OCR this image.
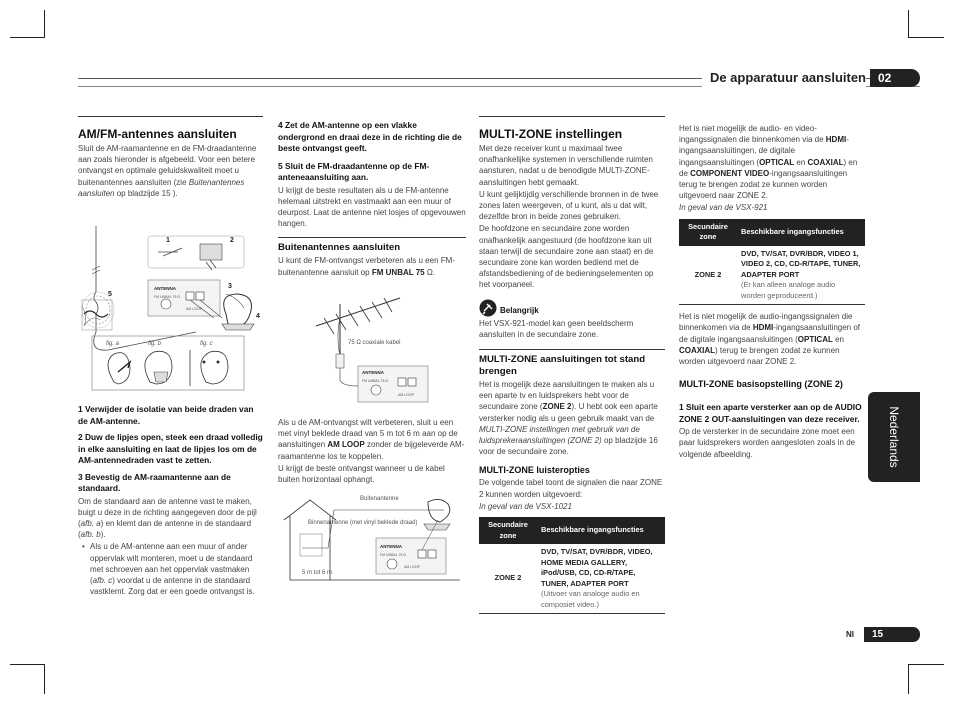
De apparatuur aansluiten	02
Nederlands
Nl	15
AM/FM-antennes aansluiten
Sluit de AM-raamantenne en de FM-draadantenne aan zoals hieronder is afgebeeld. Voor een betere ontvangst en optimale geluidskwaliteit moet u buitenantennes aansluiten (zie Buitenantennes aansluiten op bladzijde 15 ).
5
1	2
ANTENNA
FM UNBAL 75 Ω
AM LOOP
3
4
fig. a	fig. b	fig. c
1 Verwijder de isolatie van beide draden van de AM-antenne.
2 Duw de lipjes open, steek een draad volledig in elke aansluiting en laat de lipjes los om de AM-antennedraden vast te zetten.
3 Bevestig de AM-raamantenne aan de standaard.
Om de standaard aan de antenne vast te maken, buigt u deze in de richting aangegeven door de pijl (afb. a) en klemt dan de antenne in de standaard (afb. b).
• Als u de AM-antenne aan een muur of ander oppervlak wilt monteren, moet u de standaard met schroeven aan het oppervlak vastmaken (afb. c) voordat u de antenne in de standaard vastklemt. Zorg dat er een goede ontvangst is.
4 Zet de AM-antenne op een vlakke ondergrond en draai deze in de richting die de beste ontvangst geeft.
5 Sluit de FM-draadantenne op de FM-anteneaansluiting aan.
U krijgt de beste resultaten als u de FM-antenne helemaal uitstrekt en vastmaakt aan een muur of deurpost. Laat de antenne niet losjes of opgevouwen hangen.
Buitenantennes aansluiten
U kunt de FM-ontvangst verbeteren als u een FM-buitenantenne aansluit op FM UNBAL 75 Ω.
75 Ω coaxiale kabel
ANTENNA
FM UNBAL 75 Ω
AM LOOP
Als u de AM-ontvangst wilt verbeteren, sluit u een met vinyl beklede draad van 5 m tot 6 m aan op de aansluitingen AM LOOP zonder de bijgeleverde AM-raamantenne los te koppelen.
U krijgt de beste ontvangst wanneer u de kabel buiten horizontaal ophangt.
Buitenantenne
Binnenantenne (met vinyl beklede draad)
5 m tot 6 m
ANTENNA
FM UNBAL 75 Ω
AM LOOP
MULTI-ZONE instellingen
Met deze receiver kunt u maximaal twee onafhankelijke systemen in verschillende ruimten aansturen, nadat u de benodigde MULTI-ZONE-aansluitingen hebt gemaakt.
U kunt gelijktijdig verschillende bronnen in de twee zones laten weergeven, of u kunt, als u dat wilt, dezelfde bron in beide zones gebruiken.
De hoofdzone en secundaire zone worden onafhankelijk aangestuurd (de hoofdzone kan uit staan terwijl de secundaire zone aan staat) en de secundaire zone kan worden bediend met de afstandsbediening of de bedieningselementen op het voorpaneel.
Belangrijk
Het VSX-921-model kan geen beeldscherm aansluiten in de secundaire zone.
MULTI-ZONE aansluitingen tot stand brengen
Het is mogelijk deze aansluitingen te maken als u een aparte tv en luidsprekers hebt voor de secundaire zone (ZONE 2). U hebt ook een aparte versterker nodig als u geen gebruik maakt van de MULTI-ZONE instellingen met gebruik van de luidsprekeraansluitingen (ZONE 2) op bladzijde 16 voor de secundaire zone.
MULTI-ZONE luisteropties
De volgende tabel toont de signalen die naar ZONE 2 kunnen worden uitgevoerd:
In geval van de VSX-1021
Secundaire zone	Beschikbare ingangsfuncties
ZONE 2	DVD, TV/SAT, DVR/BDR, VIDEO, HOME MEDIA GALLERY, iPod/USB, CD, CD-R/TAPE, TUNER, ADAPTER PORT
(Uitvoer van analoge audio en composiet video.)
Het is niet mogelijk de audio- en video-ingangssignalen die binnenkomen via de HDMI-ingangsaansluitingen, de digitale ingangsaansluitingen (OPTICAL en COAXIAL) en de COMPONENT VIDEO-ingangsaansluitingen terug te brengen zodat ze kunnen worden uitgevoerd naar ZONE 2.
In geval van de VSX-921
Secundaire zone	Beschikbare ingangsfuncties
ZONE 2	DVD, TV/SAT, DVR/BDR, VIDEO 1, VIDEO 2, CD, CD-R/TAPE, TUNER, ADAPTER PORT
(Er kan alleen analoge audio worden geproduceerd.)
Het is niet mogelijk de audio-ingangssignalen die binnenkomen via de HDMI-ingangsaansluitingen of de digitale ingangsaansluitingen (OPTICAL en COAXIAL) terug te brengen zodat ze kunnen worden uitgevoerd naar ZONE 2.
MULTI-ZONE basisopstelling (ZONE 2)
1 Sluit een aparte versterker aan op de AUDIO ZONE 2 OUT-aansluitingen van deze receiver.
Op de versterker in de secundaire zone moet een paar luidsprekers worden aangesloten zoals in de volgende afbeelding.
